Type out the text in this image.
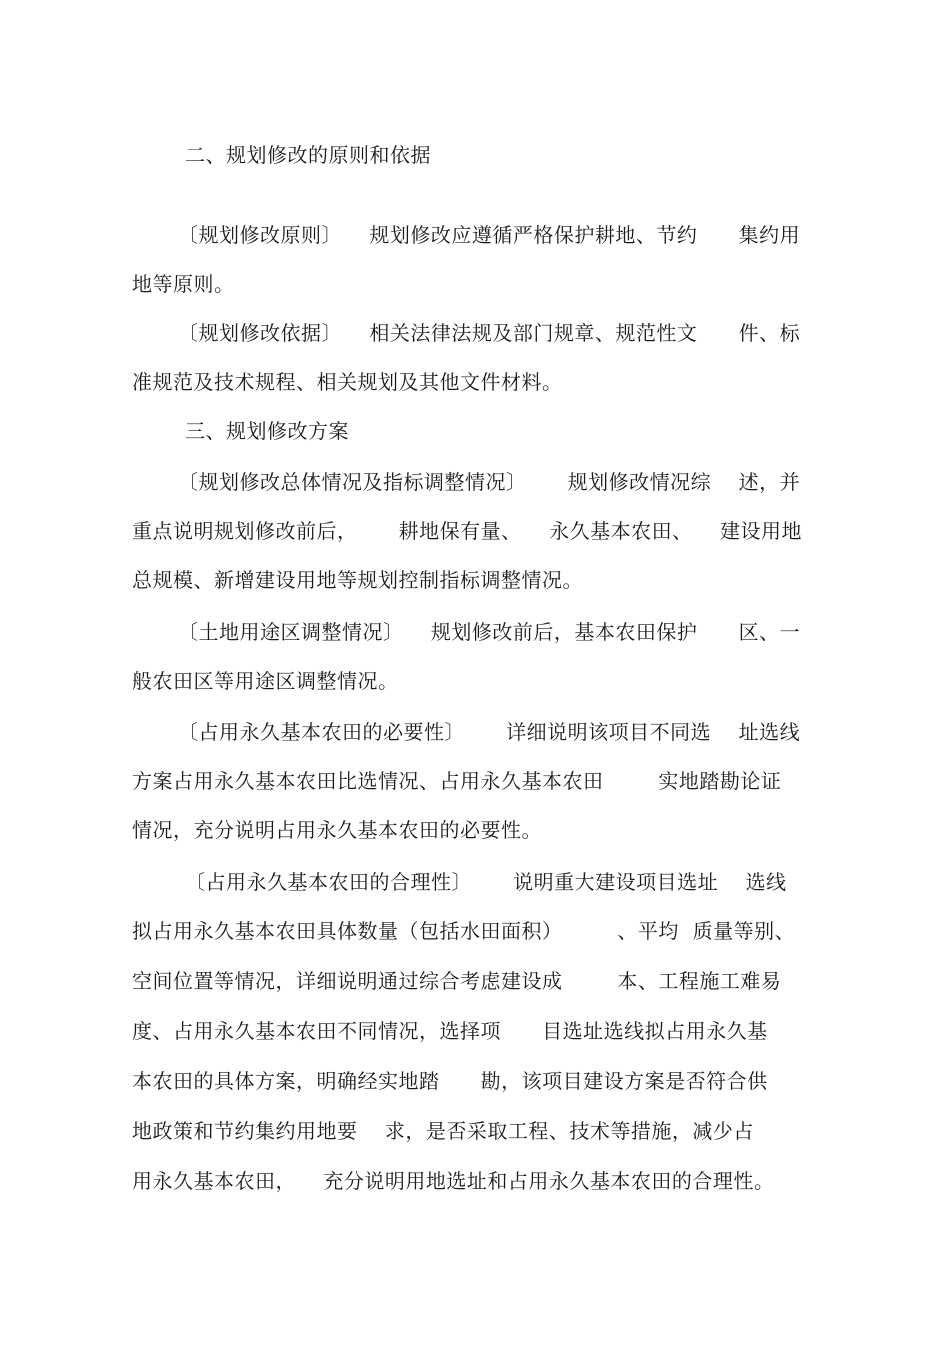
二、规划修改的原则和依据
〔规划修改原则〕    规划修改应遵循严格保护耕地、节约      集约用
地等原则。
〔规划修改依据〕    相关法律法规及部门规章、规范性文      件、标
准规范及技术规程、相关规划及其他文件材料。
三、规划修改方案
〔规划修改总体情况及指标调整情况〕      规划修改情况综    述，并
重点说明规划修改前后，      耕地保有量、    永久基本农田、    建设用地
总规模、新增建设用地等规划控制指标调整情况。
〔土地用途区调整情况〕    规划修改前后，基本农田保护      区、一
般农田区等用途区调整情况。
〔占用永久基本农田的必要性〕      详细说明该项目不同选    址选线
方案占用永久基本农田比选情况、占用永久基本农田        实地踏勘论证
情况，充分说明占用永久基本农田的必要性。
〔占用永久基本农田的合理性〕      说明重大建设项目选址    选线
拟占用永久基本农田具体数量（包括水田面积）        、平均  质量等别、
空间位置等情况，详细说明通过综合考虑建设成        本、工程施工难易
度、占用永久基本农田不同情况，选择项      目选址选线拟占用永久基
本农田的具体方案，明确经实地踏      勘，该项目建设方案是否符合供
地政策和节约集约用地要    求，是否采取工程、技术等措施，减少占
用永久基本农田，    充分说明用地选址和占用永久基本农田的合理性。
